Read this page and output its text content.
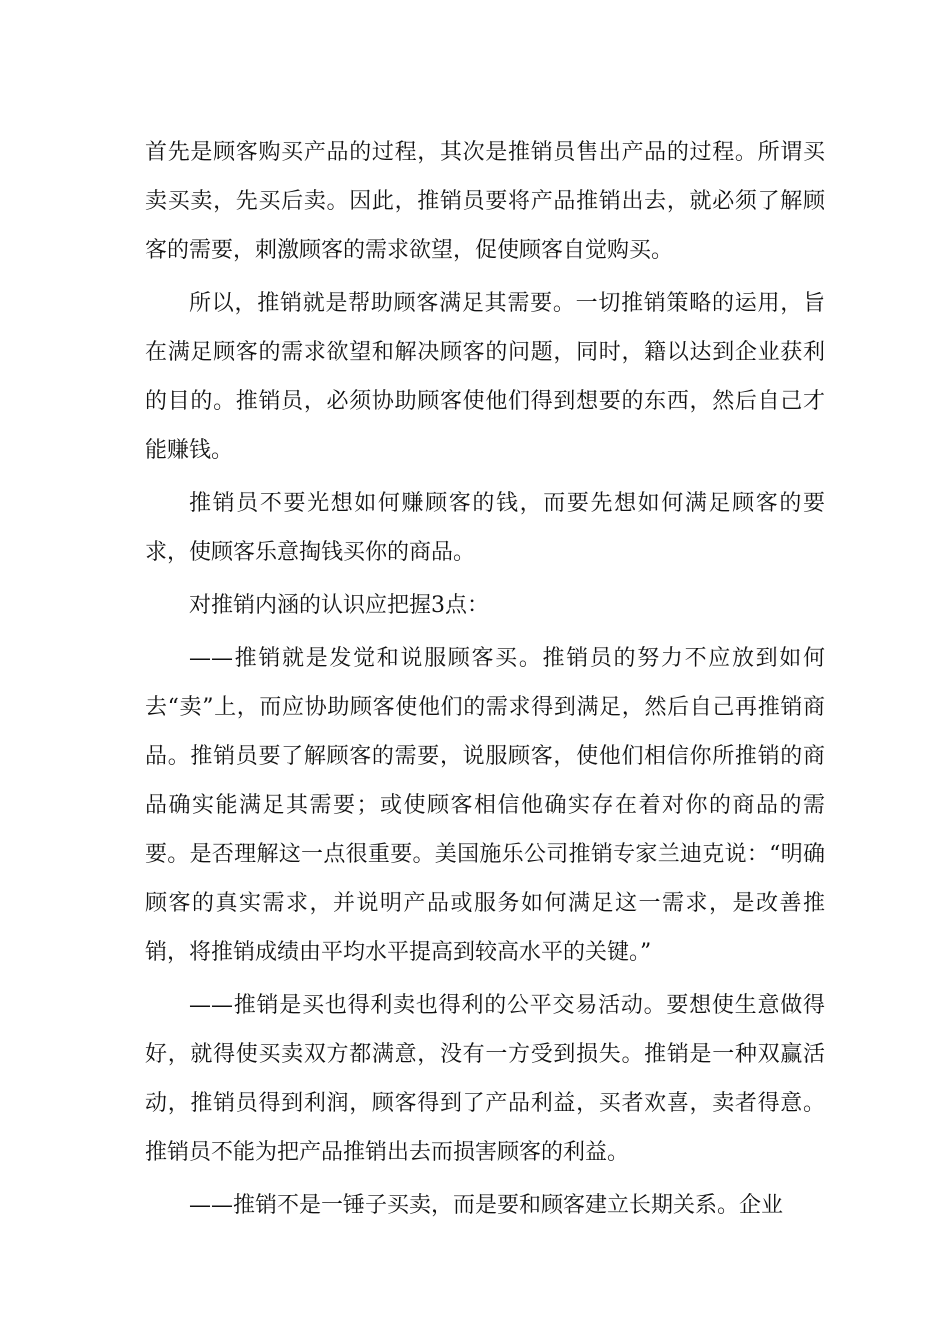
首先是顾客购买产品的过程，其次是推销员售出产品的过程。所谓买卖买卖，先买后卖。因此，推销员要将产品推销出去，就必须了解顾客的需要，刺激顾客的需求欲望，促使顾客自觉购买。

所以，推销就是帮助顾客满足其需要。一切推销策略的运用，旨在满足顾客的需求欲望和解决顾客的问题，同时，籍以达到企业获利的目的。推销员，必须协助顾客使他们得到想要的东西，然后自己才能赚钱。

推销员不要光想如何赚顾客的钱，而要先想如何满足顾客的要求，使顾客乐意掏钱买你的商品。

对推销内涵的认识应把握3点：

——推销就是发觉和说服顾客买。推销员的努力不应放到如何去“卖”上，而应协助顾客使他们的需求得到满足，然后自己再推销商品。推销员要了解顾客的需要，说服顾客，使他们相信你所推销的商品确实能满足其需要；或使顾客相信他确实存在着对你的商品的需要。是否理解这一点很重要。美国施乐公司推销专家兰迪克说：“明确顾客的真实需求，并说明产品或服务如何满足这一需求，是改善推销，将推销成绩由平均水平提高到较高水平的关键。”

——推销是买也得利卖也得利的公平交易活动。要想使生意做得好，就得使买卖双方都满意，没有一方受到损失。推销是一种双赢活动，推销员得到利润，顾客得到了产品利益，买者欢喜，卖者得意。推销员不能为把产品推销出去而损害顾客的利益。

——推销不是一锤子买卖，而是要和顾客建立长期关系。企业
